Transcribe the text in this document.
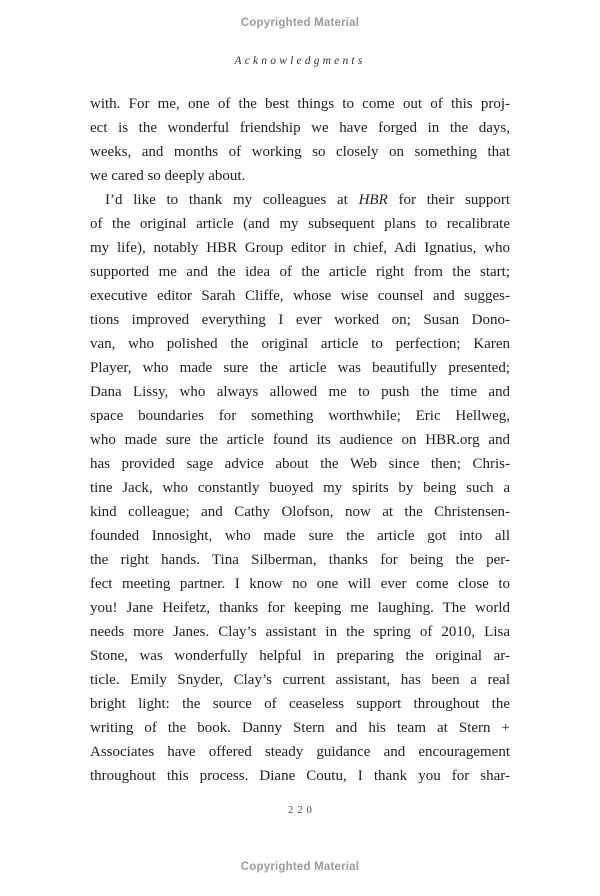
Copyrighted Material
Acknowledgments
with. For me, one of the best things to come out of this proj-
ect is the wonderful friendship we have forged in the days,
weeks, and months of working so closely on something that
we cared so deeply about.
I’d like to thank my colleagues at HBR for their support
of the original article (and my subsequent plans to recalibrate
my life), notably HBR Group editor in chief, Adi Ignatius, who
supported me and the idea of the article right from the start;
executive editor Sarah Cliffe, whose wise counsel and sugges-
tions improved everything I ever worked on; Susan Dono-
van, who polished the original article to perfection; Karen
Player, who made sure the article was beautifully presented;
Dana Lissy, who always allowed me to push the time and
space boundaries for something worthwhile; Eric Hellweg,
who made sure the article found its audience on HBR.org and
has provided sage advice about the Web since then; Chris-
tine Jack, who constantly buoyed my spirits by being such a
kind colleague; and Cathy Olofson, now at the Christensen-
founded Innosight, who made sure the article got into all
the right hands. Tina Silberman, thanks for being the per-
fect meeting partner. I know no one will ever come close to
you! Jane Heifetz, thanks for keeping me laughing. The world
needs more Janes. Clay’s assistant in the spring of 2010, Lisa
Stone, was wonderfully helpful in preparing the original ar-
ticle. Emily Snyder, Clay’s current assistant, has been a real
bright light: the source of ceaseless support throughout the
writing of the book. Danny Stern and his team at Stern +
Associates have offered steady guidance and encouragement
throughout this process. Diane Coutu, I thank you for shar-
220
Copyrighted Material
